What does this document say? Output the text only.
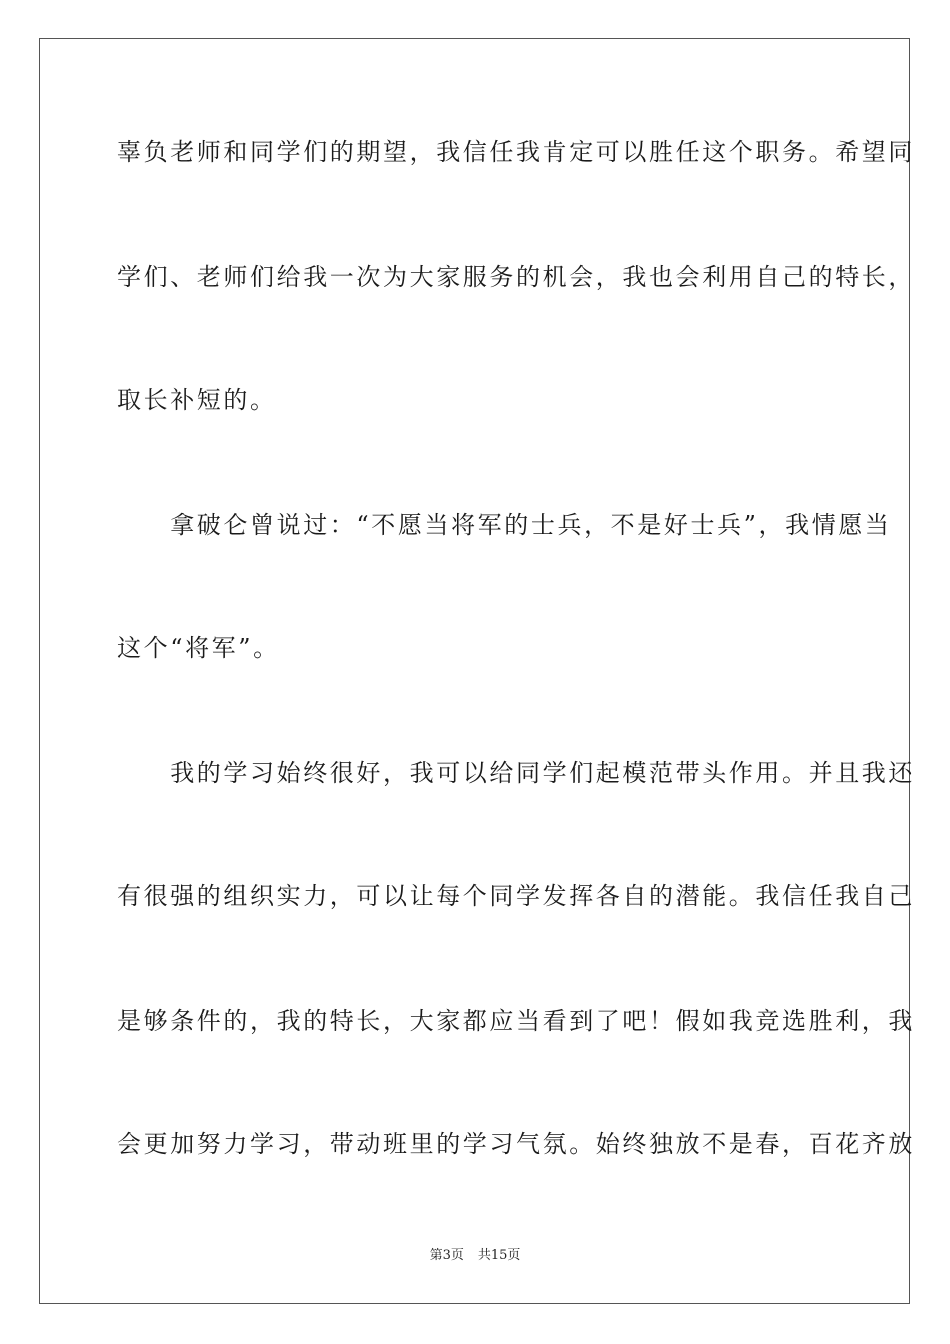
辜负老师和同学们的期望，我信任我肯定可以胜任这个职务。希望同
学们、老师们给我一次为大家服务的机会，我也会利用自己的特长，
取长补短的。
　　拿破仑曾说过：“不愿当将军的士兵，不是好士兵”，我情愿当
这个“将军”。
　　我的学习始终很好，我可以给同学们起模范带头作用。并且我还
有很强的组织实力，可以让每个同学发挥各自的潜能。我信任我自己
是够条件的，我的特长，大家都应当看到了吧！假如我竞选胜利，我
会更加努力学习，带动班里的学习气氛。始终独放不是春，百花齐放
第3页 共15页
